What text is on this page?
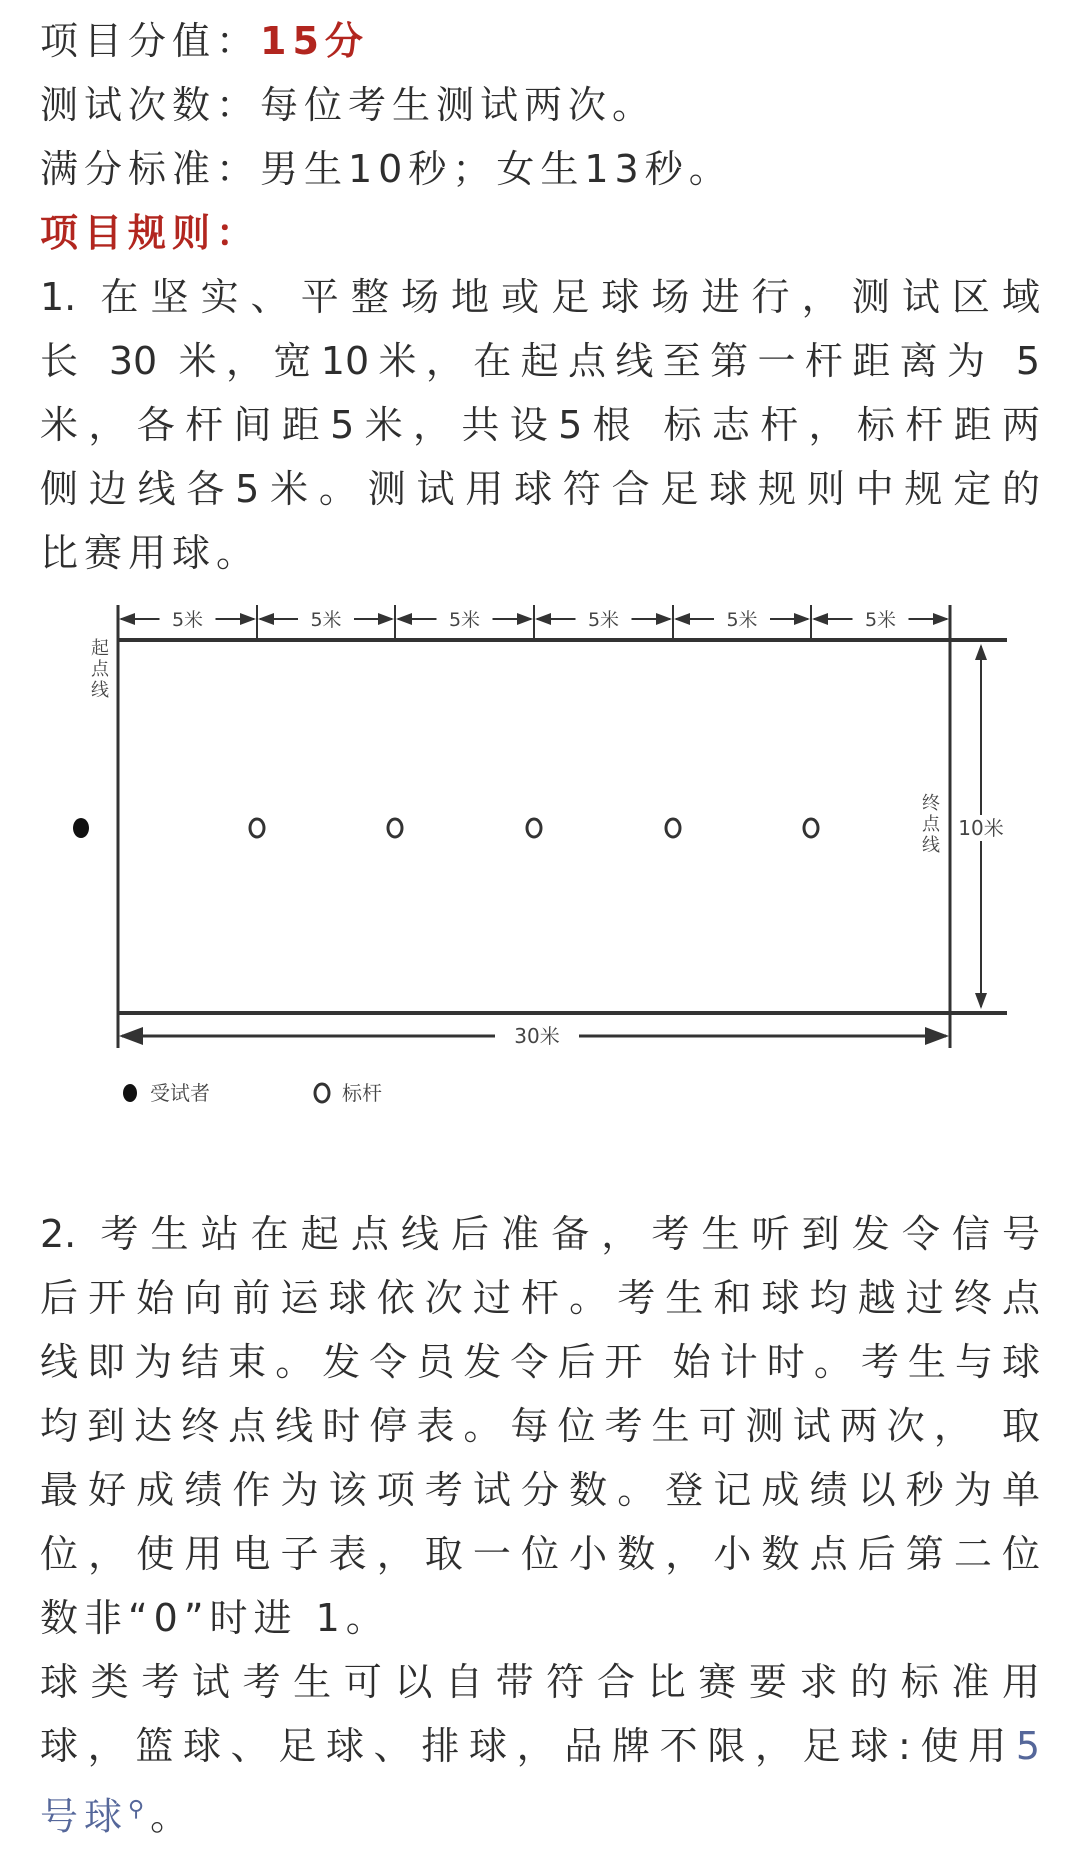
项目分值：15分
测试次数：每位考生测试两次。
满分标准：男生10秒；女生13秒。
项目规则：
1. 在坚实、平整场地或足球场进行，测试区域
长 30 米，宽10米，在起点线至第一杆距离为 5
米，各杆间距5米，共设5根 标志杆，标杆距两
侧边线各5米。测试用球符合足球规则中规定的
比赛用球。
5米	5米	5米	5米	5米	5米
10米
30米
受试者	标杆
起点线
终点线
2. 考生站在起点线后准备，考生听到发令信号
后开始向前运球依次过杆。考生和球均越过终点
线即为结束。发令员发令后开 始计时。考生与球
均到达终点线时停表。每位考生可测试两次， 取
最好成绩作为该项考试分数。登记成绩以秒为单
位，使用电子表，取一位小数，小数点后第二位
数非“0”时进 1。
球类考试考生可以自带符合比赛要求的标准用
球，篮球、足球、排球，品牌不限，足球:使用5
号球⚲。
